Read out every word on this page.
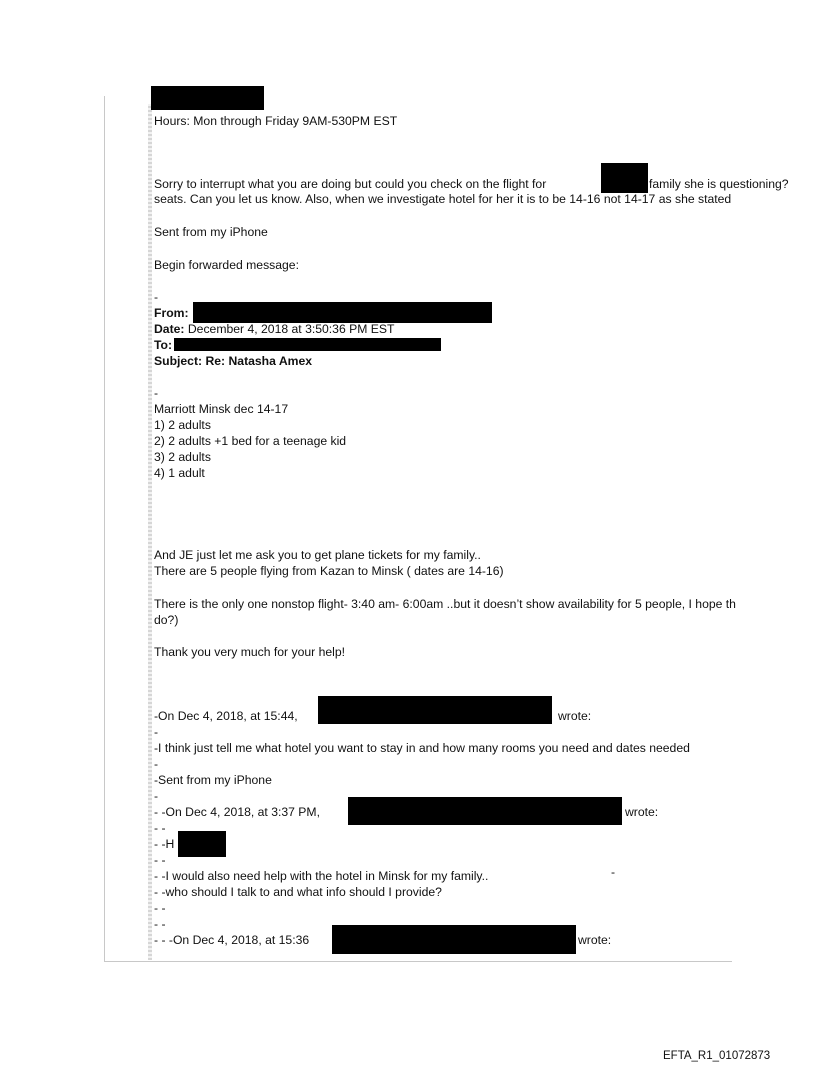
Hours: Mon through Friday 9AM-530PM EST
Sorry to interrupt what you are doing but could you check on the flight for	family she is questioning?
seats. Can you let us know. Also, when we investigate hotel for her it is to be 14-16 not 14-17 as she stated
Sent from my iPhone
Begin forwarded message:
-
From:
Date: December 4, 2018 at 3:50:36 PM EST
To:
Subject: Re: Natasha Amex
-
Marriott Minsk dec 14-17
1) 2 adults
2) 2 adults +1 bed for a teenage kid
3) 2 adults
4) 1 adult
And JE just let me ask you to get plane tickets for my family..
There are 5 people flying from Kazan to Minsk ( dates are 14-16)
There is the only one nonstop flight- 3:40 am- 6:00am ..but it doesn’t show availability for 5 people, I hope th
do?)
Thank you very much for your help!
-On Dec 4, 2018, at 15:44,	wrote:
-
-I think just tell me what hotel you want to stay in and how many rooms you need and dates needed
-
-Sent from my iPhone
-
- -On Dec 4, 2018, at 3:37 PM,	wrote:
- -
- -H
- -
- -I would also need help with the hotel in Minsk for my family..	-
- -who should I talk to and what info should I provide?
- -
- -
- - -On Dec 4, 2018, at 15:36	wrote:
EFTA_R1_01072873
